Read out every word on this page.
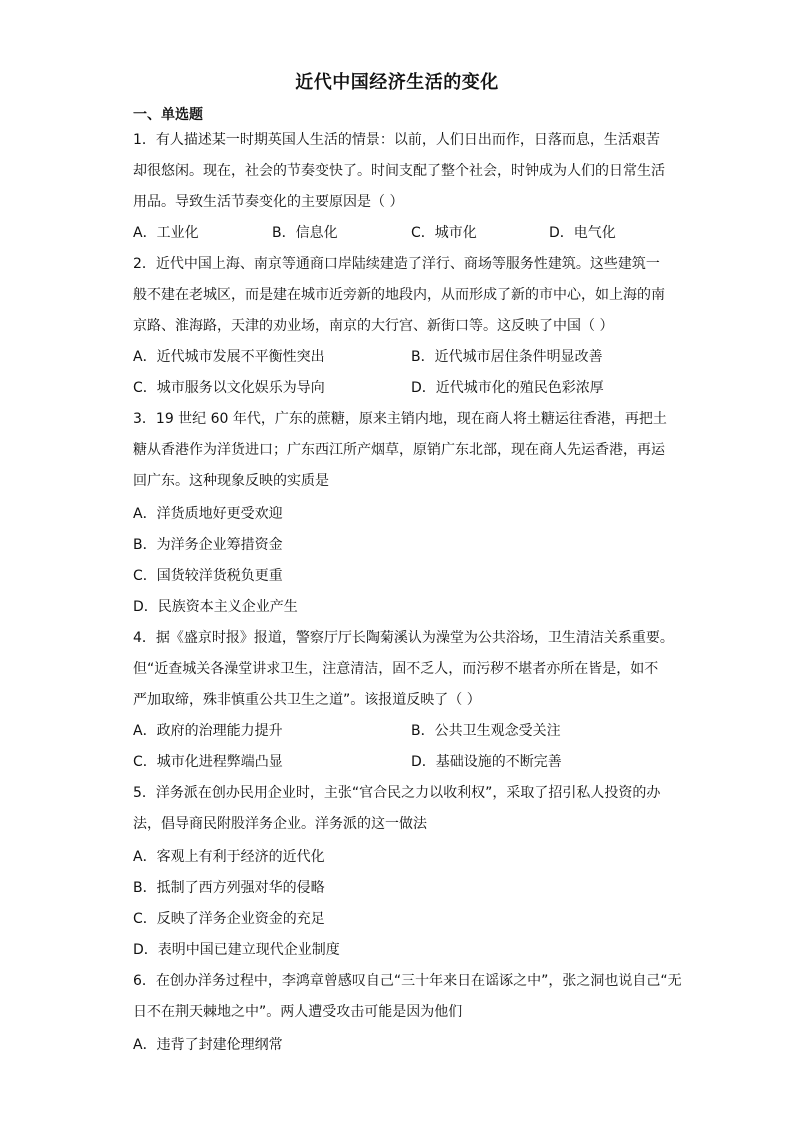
近代中国经济生活的变化
一、单选题
1．有人描述某一时期英国人生活的情景：以前，人们日出而作，日落而息，生活艰苦
却很悠闲。现在，社会的节奏变快了。时间支配了整个社会，时钟成为人们的日常生活
用品。导致生活节奏变化的主要原因是（ ）
A．工业化	B．信息化	C．城市化	D．电气化
2．近代中国上海、南京等通商口岸陆续建造了洋行、商场等服务性建筑。这些建筑一
般不建在老城区，而是建在城市近旁新的地段内，从而形成了新的市中心，如上海的南
京路、淮海路，天津的劝业场，南京的大行宫、新街口等。这反映了中国（ ）
A．近代城市发展不平衡性突出	B．近代城市居住条件明显改善
C．城市服务以文化娱乐为导向	D．近代城市化的殖民色彩浓厚
3．19 世纪 60 年代，广东的蔗糖，原来主销内地，现在商人将土糖运往香港，再把土
糖从香港作为洋货进口；广东西江所产烟草，原销广东北部，现在商人先运香港，再运
回广东。这种现象反映的实质是
A．洋货质地好更受欢迎
B．为洋务企业筹措资金
C．国货较洋货税负更重
D．民族资本主义企业产生
4．据《盛京时报》报道，警察厅厅长陶菊溪认为澡堂为公共浴场，卫生清洁关系重要。
但“近查城关各澡堂讲求卫生，注意清洁，固不乏人，而污秽不堪者亦所在皆是，如不
严加取缔，殊非慎重公共卫生之道”。该报道反映了（ ）
A．政府的治理能力提升	B．公共卫生观念受关注
C．城市化进程弊端凸显	D．基础设施的不断完善
5．洋务派在创办民用企业时，主张“官合民之力以收利权”，采取了招引私人投资的办
法，倡导商民附股洋务企业。洋务派的这一做法
A．客观上有利于经济的近代化
B．抵制了西方列强对华的侵略
C．反映了洋务企业资金的充足
D．表明中国已建立现代企业制度
6．在创办洋务过程中，李鸿章曾感叹自己“三十年来日在谣诼之中”，张之洞也说自己“无
日不在荆天棘地之中”。两人遭受攻击可能是因为他们
A．违背了封建伦理纲常
